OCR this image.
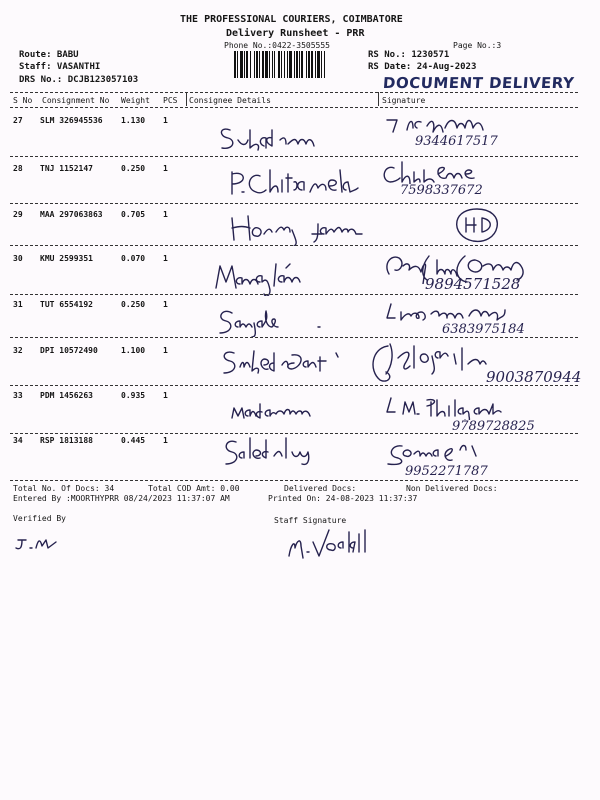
THE PROFESSIONAL COURIERS, COIMBATORE
Delivery Runsheet - PRR
Phone No.:0422-3505555	Page No.:3
Route: BABU
Staff: VASANTHI
DRS No.: DCJB123057103
RS No.: 1230571
RS Date: 24-Aug-2023
DOCUMENT DELIVERY
S No Consignment No Weight PCS Consignee Details	Signature
27 SLM 326945536 1.130 1
9344617517
28 TNJ 1152147	0.250 1
7598337672
29 MAA 297063863 0.705 1
30 KMU 2599351	0.070 1
9894571528
31 TUT 6554192	0.250 1
6383975184
32 DPI 10572490	1.100 1
9003870944
33 PDM 1456263	0.935 1
9789728825
34 RSP 1813188	0.445 1
9952271787
Total No. Of Docs: 34	Total COD Amt: 0.00	Delivered Docs:	Non Delivered Docs:
Entered By :MOORTHYPRR 08/24/2023 11:37:07 AM	Printed On: 24-08-2023 11:37:37
Verified By	Staff Signature
